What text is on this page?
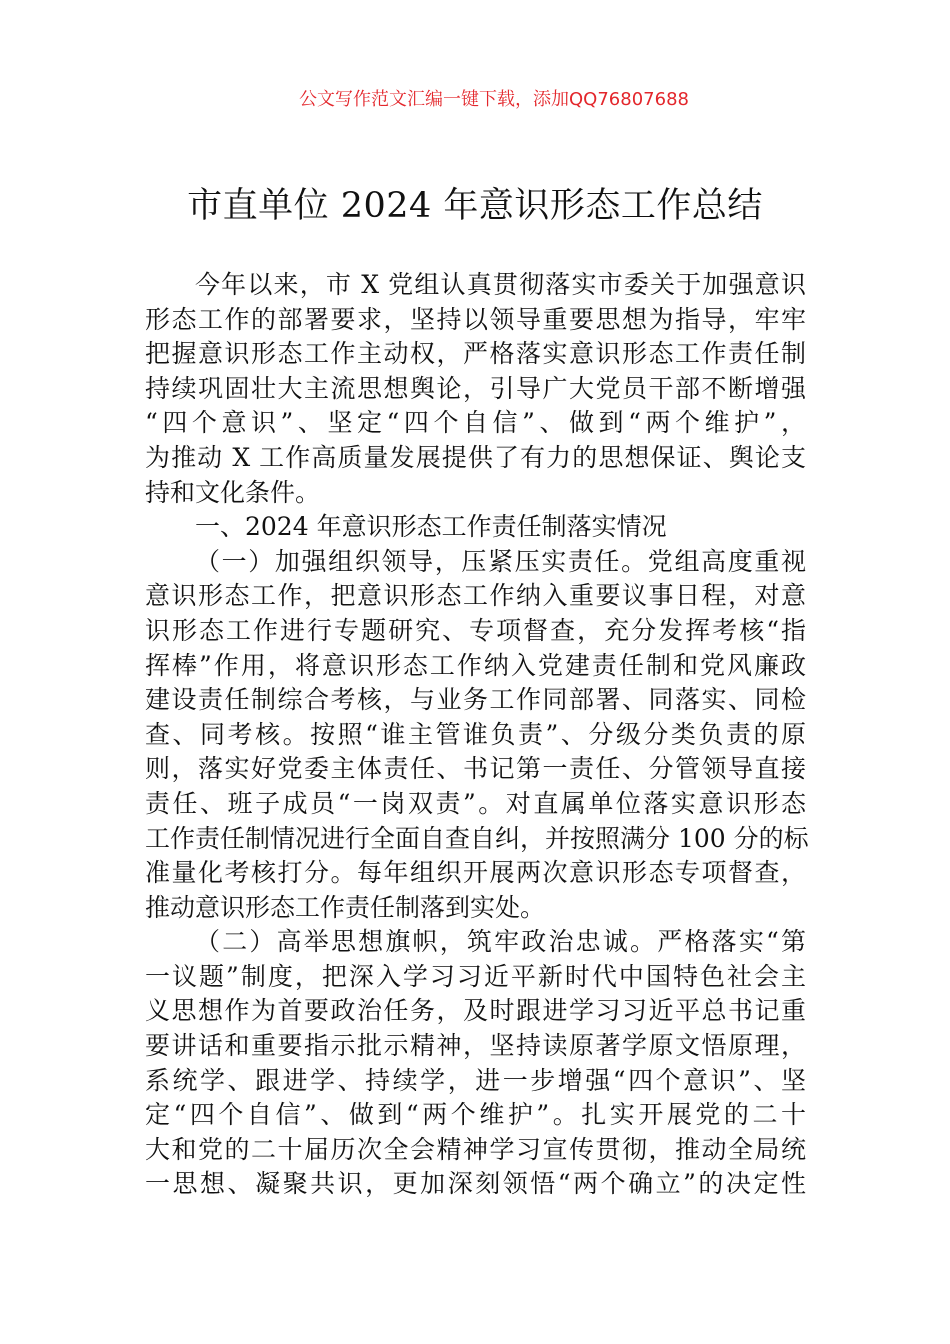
公文写作范文汇编一键下载，添加QQ76807688
市直单位 2024 年意识形态工作总结
今年以来，市 X 党组认真贯彻落实市委关于加强意识
形态工作的部署要求，坚持以领导重要思想为指导，牢牢
把握意识形态工作主动权，严格落实意识形态工作责任制
持续巩固壮大主流思想舆论，引导广大党员干部不断增强
“四个意识”、坚定“四个自信”、做到“两个维护”，
为推动 X 工作高质量发展提供了有力的思想保证、舆论支
持和文化条件。
一、2024 年意识形态工作责任制落实情况
（一）加强组织领导，压紧压实责任。党组高度重视
意识形态工作，把意识形态工作纳入重要议事日程，对意
识形态工作进行专题研究、专项督查，充分发挥考核“指
挥棒”作用，将意识形态工作纳入党建责任制和党风廉政
建设责任制综合考核，与业务工作同部署、同落实、同检
查、同考核。按照“谁主管谁负责”、分级分类负责的原
则，落实好党委主体责任、书记第一责任、分管领导直接
责任、班子成员“一岗双责”。对直属单位落实意识形态
工作责任制情况进行全面自查自纠，并按照满分 100 分的标
准量化考核打分。每年组织开展两次意识形态专项督查，
推动意识形态工作责任制落到实处。
（二）高举思想旗帜，筑牢政治忠诚。严格落实“第
一议题”制度，把深入学习习近平新时代中国特色社会主
义思想作为首要政治任务，及时跟进学习习近平总书记重
要讲话和重要指示批示精神，坚持读原著学原文悟原理，
系统学、跟进学、持续学，进一步增强“四个意识”、坚
定“四个自信”、做到“两个维护”。扎实开展党的二十
大和党的二十届历次全会精神学习宣传贯彻，推动全局统
一思想、凝聚共识，更加深刻领悟“两个确立”的决定性
